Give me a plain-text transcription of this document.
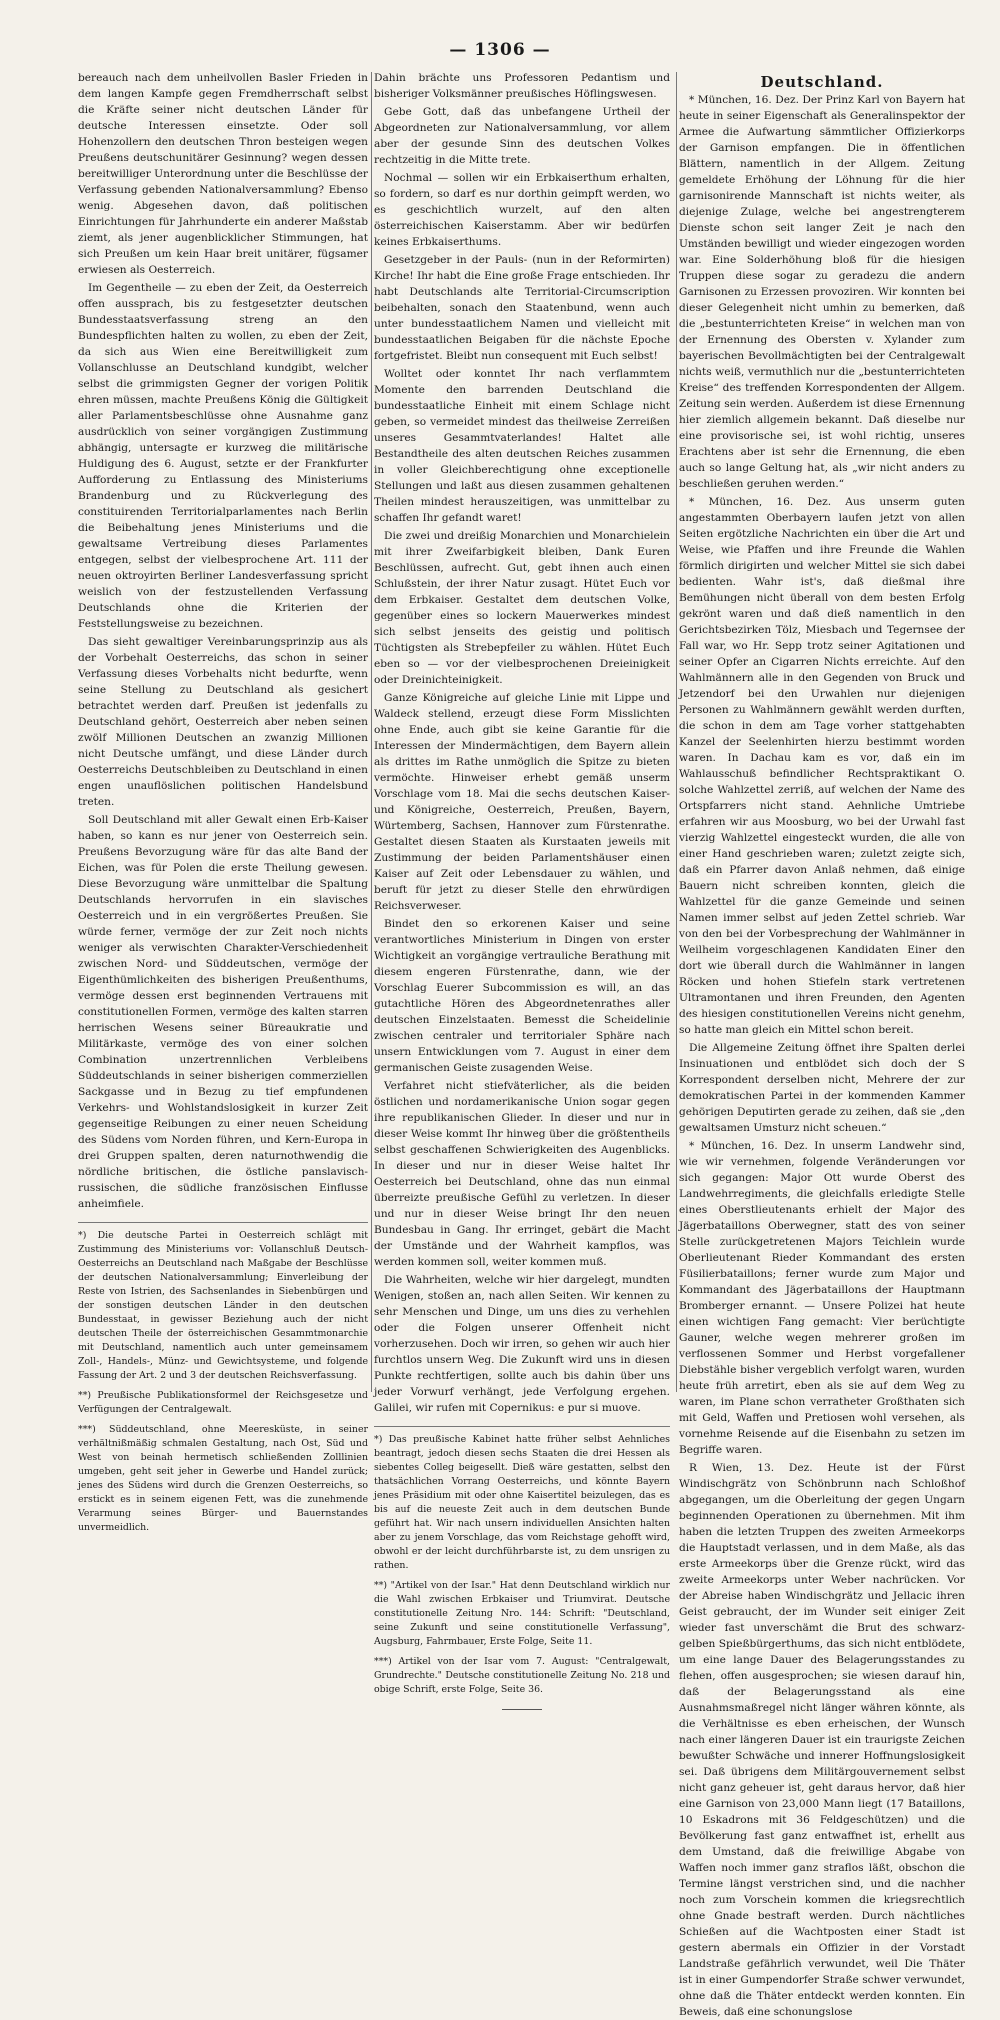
— 1306 —

bereauch nach dem unheilvollen Basler Frieden in dem langen Kampfe gegen Fremdherrschaft selbst die Kräfte seiner nicht deutschen Länder für deutsche Interessen einsetzte. Oder soll Hohenzollern den deutschen Thron besteigen wegen Preußens deutschunitärer Gesinnung? wegen dessen bereitwilliger Unterordnung unter die Beschlüsse der Verfassung gebenden Nationalversammlung? Ebenso wenig. Abgesehen davon, daß politischen Einrichtungen für Jahrhunderte ein anderer Maßstab ziemt, als jener augenblicklicher Stimmungen, hat sich Preußen um kein Haar breit unitärer, fügsamer erwiesen als Oesterreich.

Im Gegentheile — zu eben der Zeit, da Oesterreich offen aussprach, bis zu festgesetzter deutschen Bundesstaatsverfassung streng an den Bundespflichten halten zu wollen, zu eben der Zeit, da sich aus Wien eine Bereitwilligkeit zum Vollanschlusse an Deutschland kundgibt, welcher selbst die grimmigsten Gegner der vorigen Politik ehren müssen, machte Preußens König die Gültigkeit aller Parlamentsbeschlüsse ohne Ausnahme ganz ausdrücklich von seiner vorgängigen Zustimmung abhängig, untersagte er kurzweg die militärische Huldigung des 6. August, setzte er der Frankfurter Aufforderung zu Entlassung des Ministeriums Brandenburg und zu Rückverlegung des constituirenden Territorialparlamentes nach Berlin die Beibehaltung jenes Ministeriums und die gewaltsame Vertreibung dieses Parlamentes entgegen, selbst der vielbesprochene Art. 111 der neuen oktroyirten Berliner Landesverfassung spricht weislich von der festzustellenden Verfassung Deutschlands ohne die Kriterien der Feststellungsweise zu bezeichnen.

Das sieht gewaltiger Vereinbarungsprinzip aus als der Vorbehalt Oesterreichs, das schon in seiner Verfassung dieses Vorbehalts nicht bedurfte, wenn seine Stellung zu Deutschland als gesichert betrachtet werden darf. Preußen ist jedenfalls zu Deutschland gehört, Oesterreich aber neben seinen zwölf Millionen Deutschen an zwanzig Millionen nicht Deutsche umfängt, und diese Länder durch Oesterreichs Deutschbleiben zu Deutschland in einen engen unauflöslichen politischen Handelsbund treten.

Soll Deutschland mit aller Gewalt einen Erb-Kaiser haben, so kann es nur jener von Oesterreich sein. Preußens Bevorzugung wäre für das alte Band der Eichen, was für Polen die erste Theilung gewesen. Diese Bevorzugung wäre unmittelbar die Spaltung Deutschlands hervorrufen in ein slavisches Oesterreich und in ein vergrößertes Preußen. Sie würde ferner, vermöge der zur Zeit noch nichts weniger als verwischten Charakter-Verschiedenheit zwischen Nord- und Süddeutschen, vermöge der Eigenthümlichkeiten des bisherigen Preußenthums, vermöge dessen erst beginnenden Vertrauens mit constitutionellen Formen, vermöge des kalten starren herrischen Wesens seiner Büreaukratie und Militärkaste, vermöge des von einer solchen Combination unzertrennlichen Verbleibens Süddeutschlands in seiner bisherigen commerziellen Sackgasse und in Bezug zu tief empfundenen Verkehrs- und Wohlstandslosigkeit in kurzer Zeit gegenseitige Reibungen zu einer neuen Scheidung des Südens vom Norden führen, und Kern-Europa in drei Gruppen spalten, deren naturnothwendig die nördliche britischen, die östliche panslavisch-russischen, die südliche französischen Einflusse anheimfiele.

*) Die deutsche Partei in Oesterreich schlägt mit Zustimmung des Ministeriums vor: Vollanschluß Deutsch-Oesterreichs an Deutschland nach Maßgabe der Beschlüsse der deutschen Nationalversammlung; Einverleibung der Reste von Istrien, des Sachsenlandes in Siebenbürgen und der sonstigen deutschen Länder in den deutschen Bundesstaat, in gewisser Beziehung auch der nicht deutschen Theile der österreichischen Gesammtmonarchie mit Deutschland, namentlich auch unter gemeinsamem Zoll-, Handels-, Münz- und Gewichtsysteme, und folgende Fassung der Art. 2 und 3 der deutschen Reichsverfassung.

**) Preußische Publikationsformel der Reichsgesetze und Verfügungen der Centralgewalt.

***) Süddeutschland, ohne Meeresküste, in seiner verhältnißmäßig schmalen Gestaltung, nach Ost, Süd und West von beinah hermetisch schließenden Zolllinien umgeben, geht seit jeher in Gewerbe und Handel zurück; jenes des Südens wird durch die Grenzen Oesterreichs, so erstickt es in seinem eigenen Fett, was die zunehmende Verarmung seines Bürger- und Bauernstandes unvermeidlich.

Dahin brächte uns Professoren Pedantism und bisheriger Volksmänner preußisches Höflingswesen.

Gebe Gott, daß das unbefangene Urtheil der Abgeordneten zur Nationalversammlung, vor allem aber der gesunde Sinn des deutschen Volkes rechtzeitig in die Mitte trete.

Nochmal — sollen wir ein Erbkaiserthum erhalten, so fordern, so darf es nur dorthin geimpft werden, wo es geschichtlich wurzelt, auf den alten österreichischen Kaiserstamm. Aber wir bedürfen keines Erbkaiserthums.

Gesetzgeber in der Pauls- (nun in der Reformirten) Kirche! Ihr habt die Eine große Frage entschieden. Ihr habt Deutschlands alte Territorial-Circumscription beibehalten, sonach den Staatenbund, wenn auch unter bundesstaatlichem Namen und vielleicht mit bundesstaatlichen Beigaben für die nächste Epoche fortgefristet. Bleibt nun consequent mit Euch selbst!

Wolltet oder konntet Ihr nach verflammtem Momente den barrenden Deutschland die bundesstaatliche Einheit mit einem Schlage nicht geben, so vermeidet mindest das theilweise Zerreißen unseres Gesammtvaterlandes! Haltet alle Bestandtheile des alten deutschen Reiches zusammen in voller Gleichberechtigung ohne exceptionelle Stellungen und laßt aus diesen zusammen gehaltenen Theilen mindest herauszeitigen, was unmittelbar zu schaffen Ihr gefandt waret!

Die zwei und dreißig Monarchien und Monarchielein mit ihrer Zweifarbigkeit bleiben, Dank Euren Beschlüssen, aufrecht. Gut, gebt ihnen auch einen Schlußstein, der ihrer Natur zusagt. Hütet Euch vor dem Erbkaiser. Gestaltet dem deutschen Volke, gegenüber eines so lockern Mauerwerkes mindest sich selbst jenseits des geistig und politisch Tüchtigsten als Strebepfeiler zu wählen. Hütet Euch eben so — vor der vielbesprochenen Dreieinigkeit oder Dreinichteinigkeit.

Ganze Königreiche auf gleiche Linie mit Lippe und Waldeck stellend, erzeugt diese Form Misslichten ohne Ende, auch gibt sie keine Garantie für die Interessen der Mindermächtigen, dem Bayern allein als drittes im Rathe unmöglich die Spitze zu bieten vermöchte. Hinweiser erhebt gemäß unserm Vorschlage vom 18. Mai die sechs deutschen Kaiser- und Königreiche, Oesterreich, Preußen, Bayern, Würtemberg, Sachsen, Hannover zum Fürstenrathe. Gestaltet diesen Staaten als Kurstaaten jeweils mit Zustimmung der beiden Parlamentshäuser einen Kaiser auf Zeit oder Lebensdauer zu wählen, und beruft für jetzt zu dieser Stelle den ehrwürdigen Reichsverweser.

Bindet den so erkorenen Kaiser und seine verantwortliches Ministerium in Dingen von erster Wichtigkeit an vorgängige vertrauliche Berathung mit diesem engeren Fürstenrathe, dann, wie der Vorschlag Euerer Subcommission es will, an das gutachtliche Hören des Abgeordnetenrathes aller deutschen Einzelstaaten. Bemesst die Scheidelinie zwischen centraler und territorialer Sphäre nach unsern Entwicklungen vom 7. August in einer dem germanischen Geiste zusagenden Weise.

Verfahret nicht stiefväterlicher, als die beiden östlichen und nordamerikanische Union sogar gegen ihre republikanischen Glieder. In dieser und nur in dieser Weise kommt Ihr hinweg über die größtentheils selbst geschaffenen Schwierigkeiten des Augenblicks. In dieser und nur in dieser Weise haltet Ihr Oesterreich bei Deutschland, ohne das nun einmal überreizte preußische Gefühl zu verletzen. In dieser und nur in dieser Weise bringt Ihr den neuen Bundesbau in Gang. Ihr erringet, gebärt die Macht der Umstände und der Wahrheit kampflos, was werden kommen soll, weiter kommen muß.

Die Wahrheiten, welche wir hier dargelegt, mundten Wenigen, stoßen an, nach allen Seiten. Wir kennen zu sehr Menschen und Dinge, um uns dies zu verhehlen oder die Folgen unserer Offenheit nicht vorherzusehen. Doch wir irren, so gehen wir auch hier furchtlos unsern Weg. Die Zukunft wird uns in diesen Punkte rechtfertigen, sollte auch bis dahin über uns jeder Vorwurf verhängt, jede Verfolgung ergehen. Galilei, wir rufen mit Copernikus: e pur si muove.

*) Das preußische Kabinet hatte früher selbst Aehnliches beantragt, jedoch diesen sechs Staaten die drei Hessen als siebentes Colleg beigesellt. Dieß wäre gestatten, selbst den thatsächlichen Vorrang Oesterreichs, und könnte Bayern jenes Präsidium mit oder ohne Kaisertitel beizulegen, das es bis auf die neueste Zeit auch in dem deutschen Bunde geführt hat. Wir nach unsern individuellen Ansichten halten aber zu jenem Vorschlage, das vom Reichstage gehofft wird, obwohl er der leicht durchführbarste ist, zu dem unsrigen zu rathen.

**) "Artikel von der Isar." Hat denn Deutschland wirklich nur die Wahl zwischen Erbkaiser und Triumvirat. Deutsche constitutionelle Zeitung Nro. 144: Schrift: "Deutschland, seine Zukunft und seine constitutionelle Verfassung", Augsburg, Fahrmbauer, Erste Folge, Seite 11.

***) Artikel von der Isar vom 7. August: "Centralgewalt, Grundrechte." Deutsche constitutionelle Zeitung No. 218 und obige Schrift, erste Folge, Seite 36.

Deutschland.

* München, 16. Dez. Der Prinz Karl von Bayern hat heute in seiner Eigenschaft als Generalinspektor der Armee die Aufwartung sämmtlicher Offizierkorps der Garnison empfangen. Die in öffentlichen Blättern, namentlich in der Allgem. Zeitung gemeldete Erhöhung der Löhnung für die hier garnisonirende Mannschaft ist nichts weiter, als diejenige Zulage, welche bei angestrengterem Dienste schon seit langer Zeit je nach den Umständen bewilligt und wieder eingezogen worden war. Eine Solderhöhung bloß für die hiesigen Truppen diese sogar zu geradezu die andern Garnisonen zu Erzessen provoziren. Wir konnten bei dieser Gelegenheit nicht umhin zu bemerken, daß die „bestunterrichteten Kreise“ in welchen man von der Ernennung des Obersten v. Xylander zum bayerischen Bevollmächtigten bei der Centralgewalt nichts weiß, vermuthlich nur die „bestunterrichteten Kreise“ des treffenden Korrespondenten der Allgem. Zeitung sein werden. Außerdem ist diese Ernennung hier ziemlich allgemein bekannt. Daß dieselbe nur eine provisorische sei, ist wohl richtig, unseres Erachtens aber ist sehr die Ernennung, die eben auch so lange Geltung hat, als „wir nicht anders zu beschließen geruhen werden.“

* München, 16. Dez. Aus unserm guten angestammten Oberbayern laufen jetzt von allen Seiten ergötzliche Nachrichten ein über die Art und Weise, wie Pfaffen und ihre Freunde die Wahlen förmlich dirigirten und welcher Mittel sie sich dabei bedienten. Wahr ist's, daß dießmal ihre Bemühungen nicht überall von dem besten Erfolg gekrönt waren und daß dieß namentlich in den Gerichtsbezirken Tölz, Miesbach und Tegernsee der Fall war, wo Hr. Sepp trotz seiner Agitationen und seiner Opfer an Cigarren Nichts erreichte. Auf den Wahlmännern alle in den Gegenden von Bruck und Jetzendorf bei den Urwahlen nur diejenigen Personen zu Wahlmännern gewählt werden durften, die schon in dem am Tage vorher stattgehabten Kanzel der Seelenhirten hierzu bestimmt worden waren. In Dachau kam es vor, daß ein im Wahlausschuß befindlicher Rechtspraktikant O. solche Wahlzettel zerriß, auf welchen der Name des Ortspfarrers nicht stand. Aehnliche Umtriebe erfahren wir aus Moosburg, wo bei der Urwahl fast vierzig Wahlzettel eingesteckt wurden, die alle von einer Hand geschrieben waren; zuletzt zeigte sich, daß ein Pfarrer davon Anlaß nehmen, daß einige Bauern nicht schreiben konnten, gleich die Wahlzettel für die ganze Gemeinde und seinen Namen immer selbst auf jeden Zettel schrieb. War von den bei der Vorbesprechung der Wahlmänner in Weilheim vorgeschlagenen Kandidaten Einer den dort wie überall durch die Wahlmänner in langen Röcken und hohen Stiefeln stark vertretenen Ultramontanen und ihren Freunden, den Agenten des hiesigen constitutionellen Vereins nicht genehm, so hatte man gleich ein Mittel schon bereit.

Die Allgemeine Zeitung öffnet ihre Spalten derlei Insinuationen und entblödet sich doch der S Korrespondent derselben nicht, Mehrere der zur demokratischen Partei in der kommenden Kammer gehörigen Deputirten gerade zu zeihen, daß sie „den gewaltsamen Umsturz nicht scheuen.“

* München, 16. Dez. In unserm Landwehr sind, wie wir vernehmen, folgende Veränderungen vor sich gegangen: Major Ott wurde Oberst des Landwehrregiments, die gleichfalls erledigte Stelle eines Oberstlieutenants erhielt der Major des Jägerbataillons Oberwegner, statt des von seiner Stelle zurückgetretenen Majors Teichlein wurde Oberlieutenant Rieder Kommandant des ersten Füsilierbataillons; ferner wurde zum Major und Kommandant des Jägerbataillons der Hauptmann Bromberger ernannt. — Unsere Polizei hat heute einen wichtigen Fang gemacht: Vier berüchtigte Gauner, welche wegen mehrerer großen im verflossenen Sommer und Herbst vorgefallener Diebstähle bisher vergeblich verfolgt waren, wurden heute früh arretirt, eben als sie auf dem Weg zu waren, im Plane schon verratheter Großthaten sich mit Geld, Waffen und Pretiosen wohl versehen, als vornehme Reisende auf die Eisenbahn zu setzen im Begriffe waren.

R Wien, 13. Dez. Heute ist der Fürst Windischgrätz von Schönbrunn nach Schloßhof abgegangen, um die Oberleitung der gegen Ungarn beginnenden Operationen zu übernehmen. Mit ihm haben die letzten Truppen des zweiten Armeekorps die Hauptstadt verlassen, und in dem Maße, als das erste Armeekorps über die Grenze rückt, wird das zweite Armeekorps unter Weber nachrücken. Vor der Abreise haben Windischgrätz und Jellacic ihren Geist gebraucht, der im Wunder seit einiger Zeit wieder fast unverschämt die Brut des schwarz-gelben Spießbürgerthums, das sich nicht entblödete, um eine lange Dauer des Belagerungsstandes zu flehen, offen ausgesprochen; sie wiesen darauf hin, daß der Belagerungsstand als eine Ausnahmsmaßregel nicht länger währen könnte, als die Verhältnisse es eben erheischen, der Wunsch nach einer längeren Dauer ist ein traurigste Zeichen bewußter Schwäche und innerer Hoffnungslosigkeit sei. Daß übrigens dem Militärgouvernement selbst nicht ganz geheuer ist, geht daraus hervor, daß hier eine Garnison von 23,000 Mann liegt (17 Bataillons, 10 Eskadrons mit 36 Feldgeschützen) und die Bevölkerung fast ganz entwaffnet ist, erhellt aus dem Umstand, daß die freiwillige Abgabe von Waffen noch immer ganz straflos läßt, obschon die Termine längst verstrichen sind, und die nachher noch zum Vorschein kommen die kriegsrechtlich ohne Gnade bestraft werden. Durch nächtliches Schießen auf die Wachtposten einer Stadt ist gestern abermals ein Offizier in der Vorstadt Landstraße gefährlich verwundet, weil Die Thäter ist in einer Gumpendorfer Straße schwer verwundet, ohne daß die Thäter entdeckt werden konnten. Ein Beweis, daß eine schonungslose
